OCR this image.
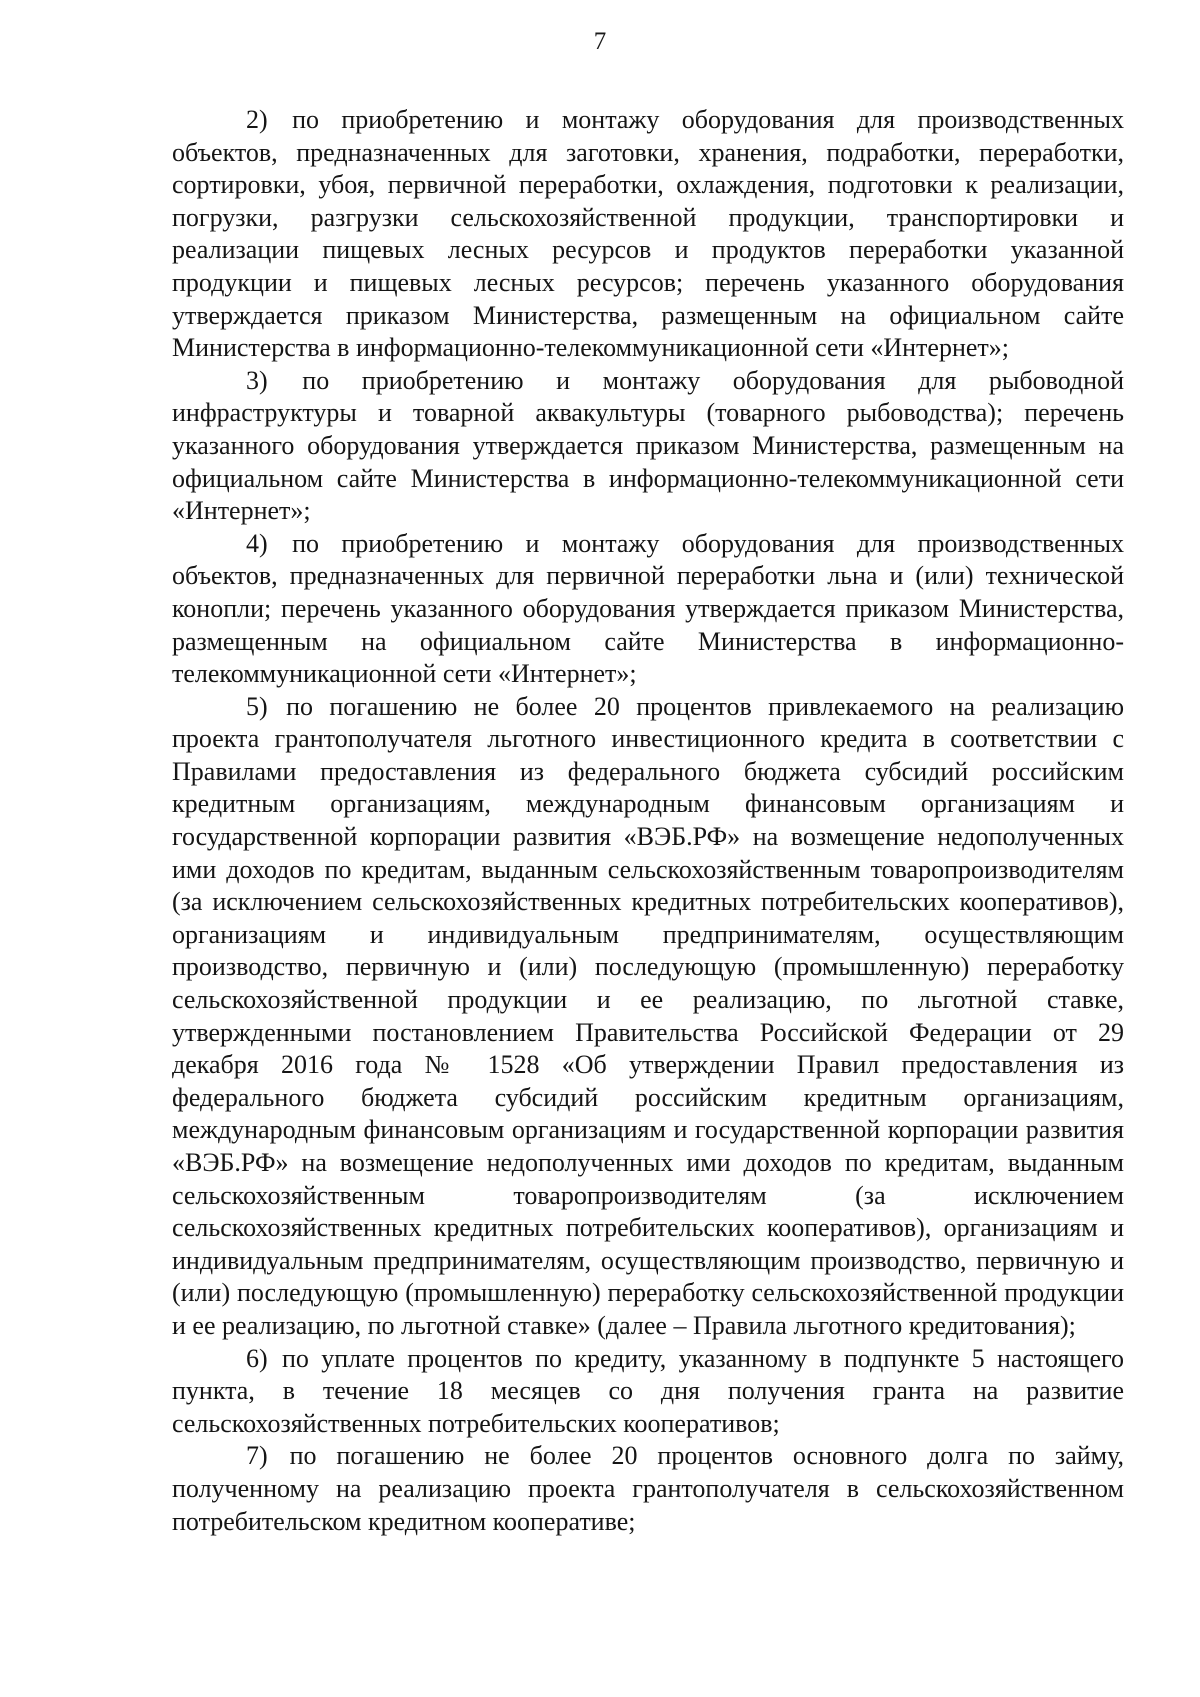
7

2) по приобретению и монтажу оборудования для производственных объектов, предназначенных для заготовки, хранения, подработки, переработки, сортировки, убоя, первичной переработки, охлаждения, подготовки к реализации, погрузки, разгрузки сельскохозяйственной продукции, транспортировки и реализации пищевых лесных ресурсов и продуктов переработки указанной продукции и пищевых лесных ресурсов; перечень указанного оборудования утверждается приказом Министерства, размещенным на официальном сайте Министерства в информационно-телекоммуникационной сети «Интернет»;

3) по приобретению и монтажу оборудования для рыбоводной инфраструктуры и товарной аквакультуры (товарного рыбоводства); перечень указанного оборудования утверждается приказом Министерства, размещенным на официальном сайте Министерства в информационно-телекоммуникационной сети «Интернет»;

4) по приобретению и монтажу оборудования для производственных объектов, предназначенных для первичной переработки льна и (или) технической конопли; перечень указанного оборудования утверждается приказом Министерства, размещенным на официальном сайте Министерства в информационно-телекоммуникационной сети «Интернет»;

5) по погашению не более 20 процентов привлекаемого на реализацию проекта грантополучателя льготного инвестиционного кредита в соответствии с Правилами предоставления из федерального бюджета субсидий российским кредитным организациям, международным финансовым организациям и государственной корпорации развития «ВЭБ.РФ» на возмещение недополученных ими доходов по кредитам, выданным сельскохозяйственным товаропроизводителям (за исключением сельскохозяйственных кредитных потребительских кооперативов), организациям и индивидуальным предпринимателям, осуществляющим производство, первичную и (или) последующую (промышленную) переработку сельскохозяйственной продукции и ее реализацию, по льготной ставке, утвержденными постановлением Правительства Российской Федерации от 29 декабря 2016 года № 1528 «Об утверждении Правил предоставления из федерального бюджета субсидий российским кредитным организациям, международным финансовым организациям и государственной корпорации развития «ВЭБ.РФ» на возмещение недополученных ими доходов по кредитам, выданным сельскохозяйственным товаропроизводителям (за исключением сельскохозяйственных кредитных потребительских кооперативов), организациям и индивидуальным предпринимателям, осуществляющим производство, первичную и (или) последующую (промышленную) переработку сельскохозяйственной продукции и ее реализацию, по льготной ставке» (далее – Правила льготного кредитования);

6) по уплате процентов по кредиту, указанному в подпункте 5 настоящего пункта, в течение 18 месяцев со дня получения гранта на развитие сельскохозяйственных потребительских кооперативов;

7) по погашению не более 20 процентов основного долга по займу, полученному на реализацию проекта грантополучателя в сельскохозяйственном потребительском кредитном кооперативе;
